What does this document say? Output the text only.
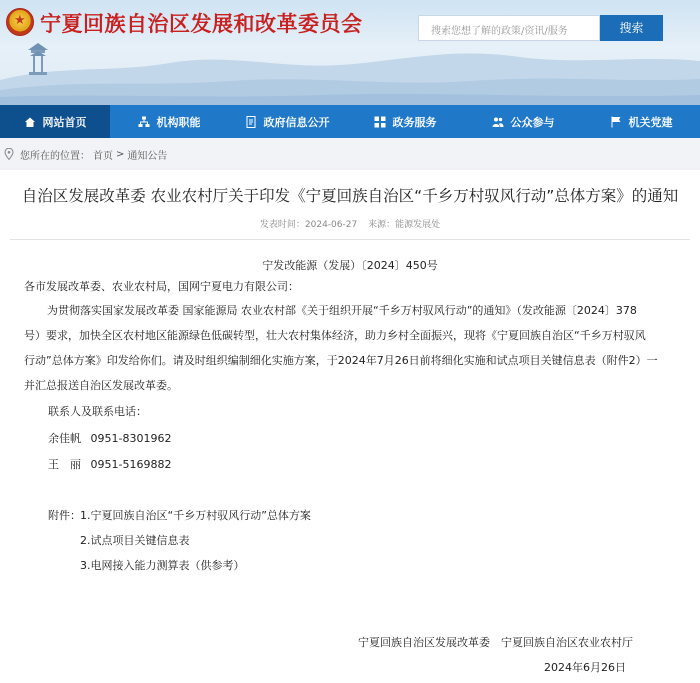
★
宁夏回族自治区发展和改革委员会	搜索您想了解的政策/资讯/服务	搜索
网站首页	机构职能	政府信息公开	政务服务	公众参与	机关党建
您所在的位置： 首页 > 通知公告
自治区发展改革委 农业农村厅关于印发《宁夏回族自治区“千乡万村驭风行动”总体方案》的通知
发表时间：2024-06-27 来源：能源发展处
宁发改能源（发展）〔2024〕450号
各市发展改革委、农业农村局，国网宁夏电力有限公司：
为贯彻落实国家发展改革委 国家能源局 农业农村部《关于组织开展“千乡万村驭风行动”的通知》（发改能源〔2024〕378
号）要求，加快全区农村地区能源绿色低碳转型，壮大农村集体经济，助力乡村全面振兴，现将《宁夏回族自治区“千乡万村驭风
行动”总体方案》印发给你们。请及时组织编制细化实施方案，于2024年7月26日前将细化实施和试点项目关键信息表（附件2）一
并汇总报送自治区发展改革委。
联系人及联系电话：
余佳帆 0951-8301962
王　丽 0951-5169882
附件： 1.宁夏回族自治区“千乡万村驭风行动”总体方案
2.试点项目关键信息表
3.电网接入能力测算表（供参考）
宁夏回族自治区发展改革委　宁夏回族自治区农业农村厅
2024年6月26日
